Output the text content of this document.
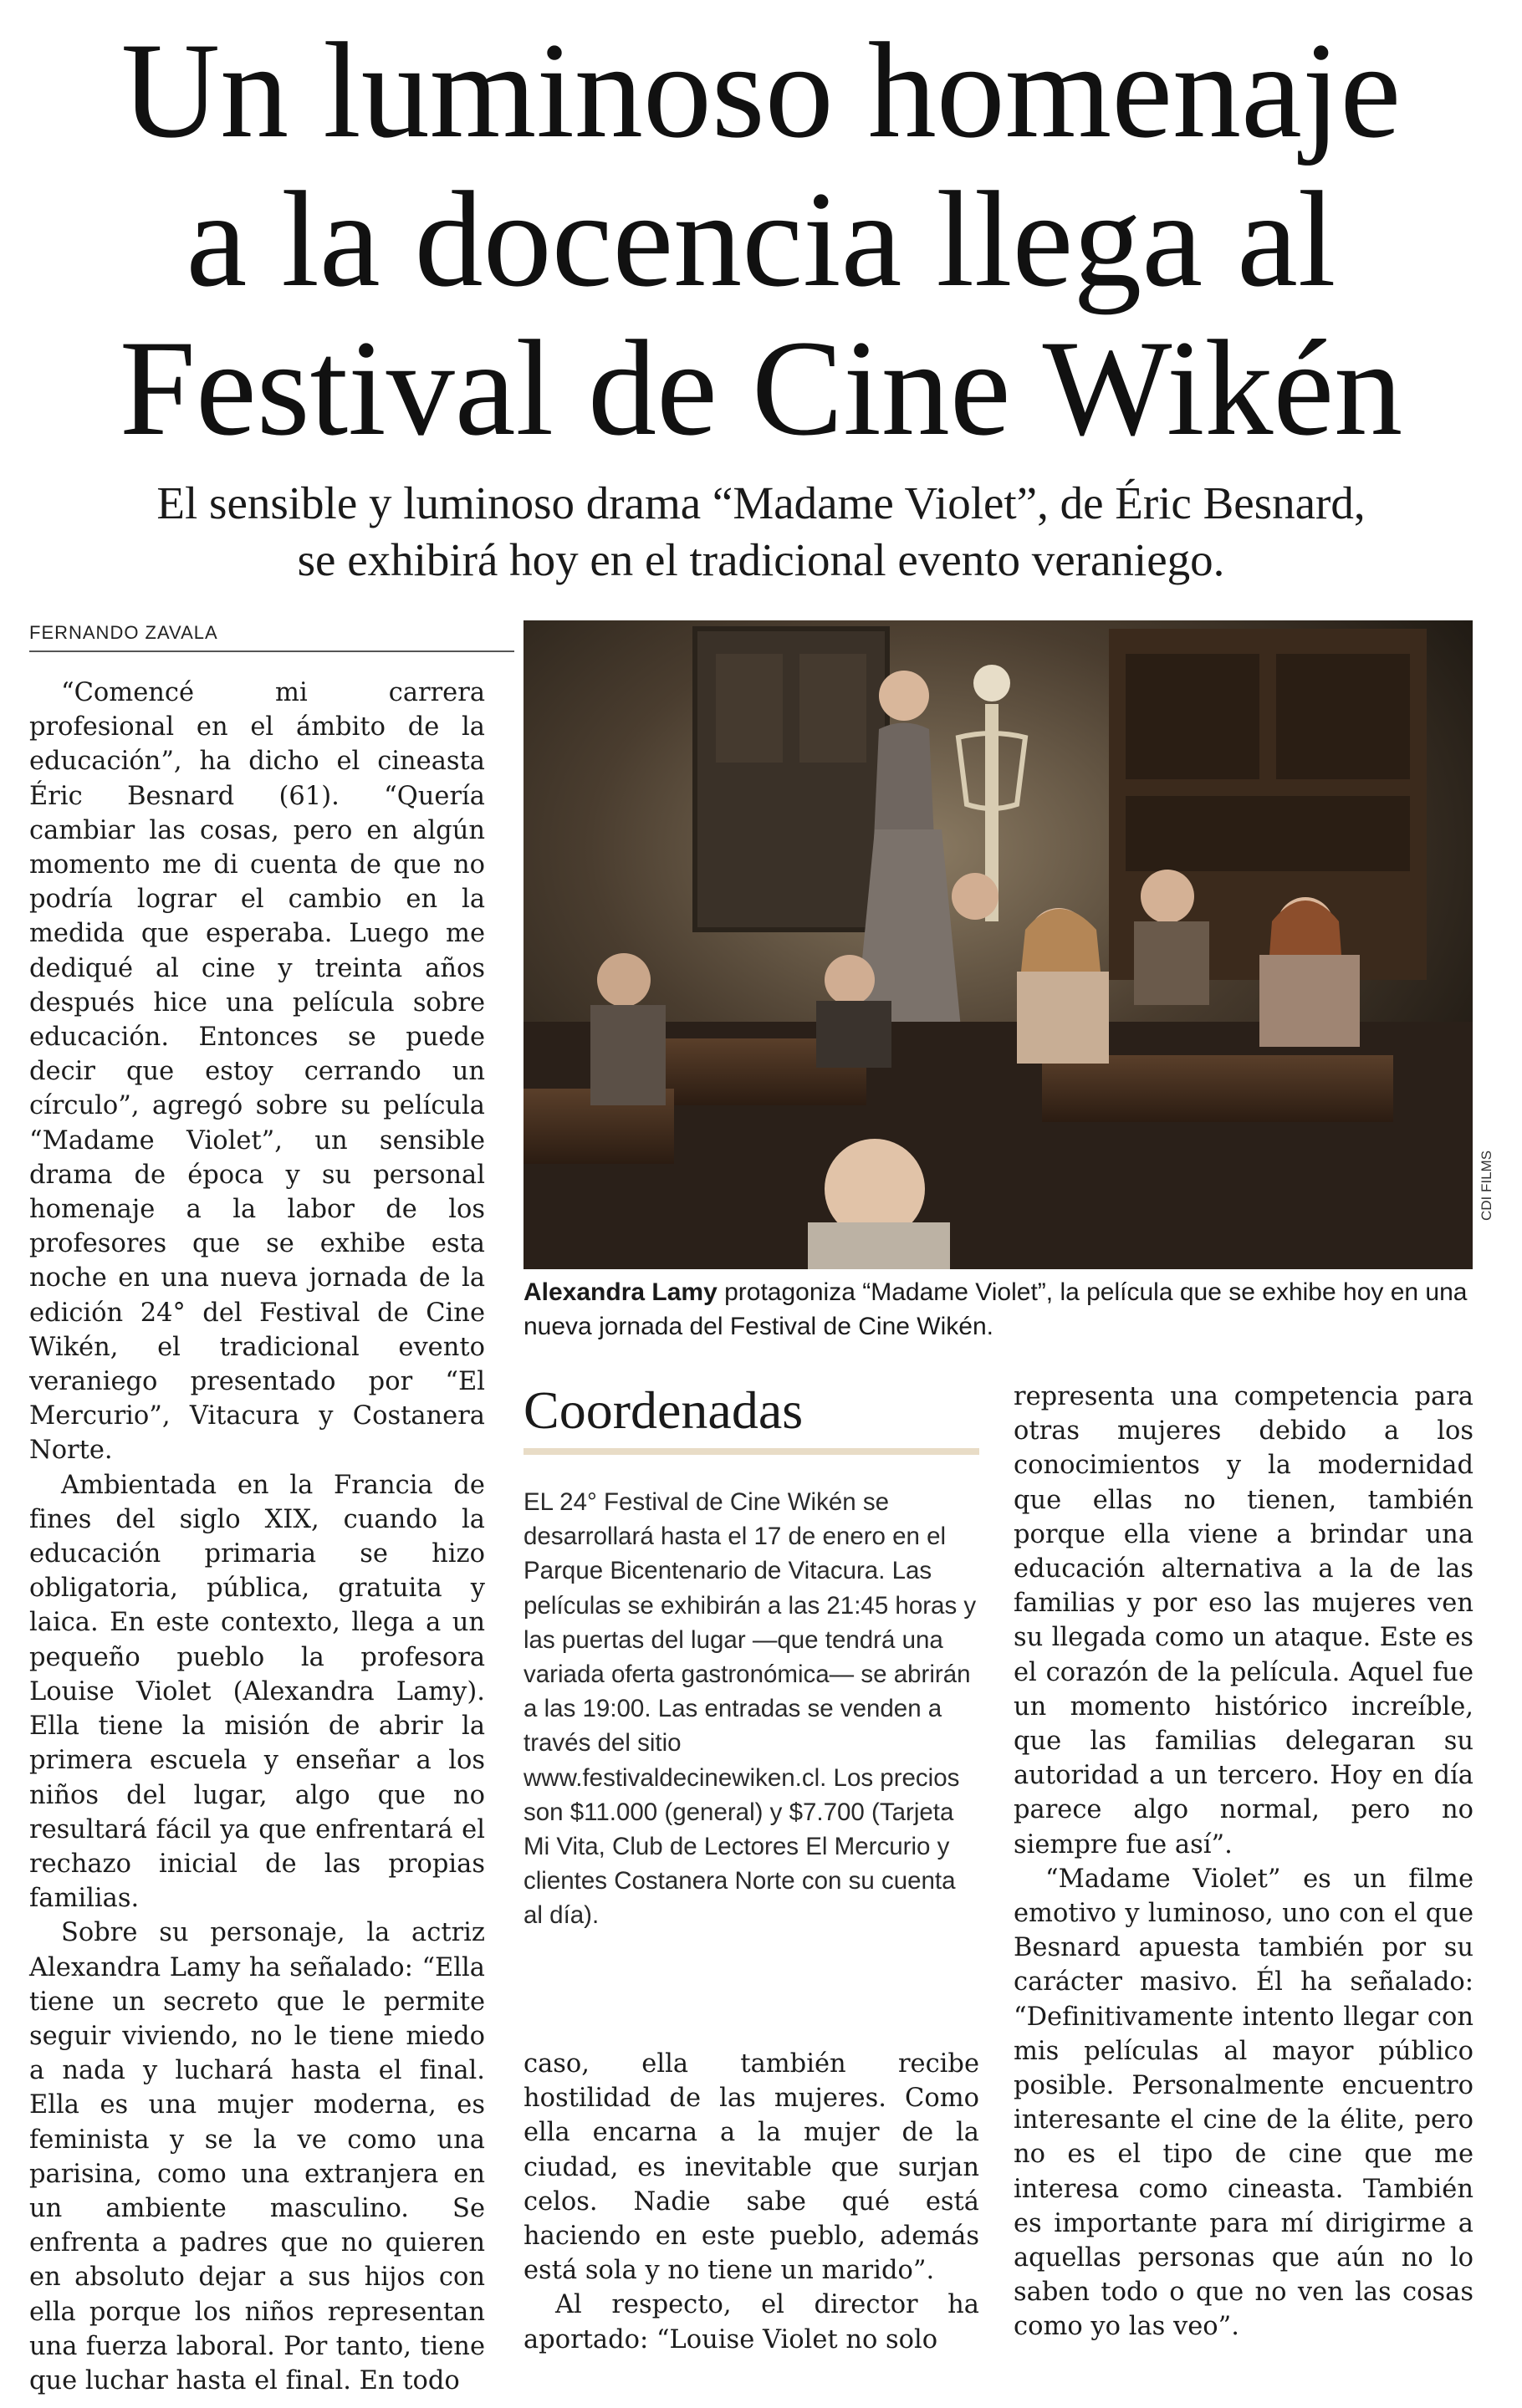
Un luminoso homenaje
a la docencia llega al
Festival de Cine Wikén
El sensible y luminoso drama “Madame Violet”, de Éric Besnard,
se exhibirá hoy en el tradicional evento veraniego.
FERNANDO ZAVALA

“Comencé mi carrera profesional en el ámbito de la educación”, ha dicho el cineasta Éric Besnard (61). “Quería cambiar las cosas, pero en algún momento me di cuenta de que no podría lograr el cambio en la medida que esperaba. Luego me dediqué al cine y treinta años después hice una película sobre educación. Entonces se puede decir que estoy cerrando un círculo”, agregó sobre su película “Madame Violet”, un sensible drama de época y su personal homenaje a la labor de los profesores que se exhibe esta noche en una nueva jornada de la edición 24° del Festival de Cine Wikén, el tradicional evento veraniego presentado por “El Mercurio”, Vitacura y Costanera Norte.

Ambientada en la Francia de fines del siglo XIX, cuando la educación primaria se hizo obligatoria, pública, gratuita y laica. En este contexto, llega a un pequeño pueblo la profesora Louise Violet (Alexandra Lamy). Ella tiene la misión de abrir la primera escuela y enseñar a los niños del lugar, algo que no resultará fácil ya que enfrentará el rechazo inicial de las propias familias.

Sobre su personaje, la actriz Alexandra Lamy ha señalado: “Ella tiene un secreto que le permite seguir viviendo, no le tiene miedo a nada y luchará hasta el final. Ella es una mujer moderna, es feminista y se la ve como una parisina, como una extranjera en un ambiente masculino. Se enfrenta a padres que no quieren en absoluto dejar a sus hijos con ella porque los niños representan una fuerza laboral. Por tanto, tiene que luchar hasta el final. En todo

CDI FILMS
Alexandra Lamy protagoniza “Madame Violet”, la película que se exhibe hoy en una nueva jornada del Festival de Cine Wikén.
Coordenadas

EL 24° Festival de Cine Wikén se desarrollará hasta el 17 de enero en el Parque Bicentenario de Vitacura. Las películas se exhibirán a las 21:45 horas y las puertas del lugar —que tendrá una variada oferta gastronómica— se abrirán a las 19:00. Las entradas se venden a través del sitio www.festivaldecinewiken.cl. Los precios son $11.000 (general) y $7.700 (Tarjeta Mi Vita, Club de Lectores El Mercurio y clientes Costanera Norte con su cuenta al día).

caso, ella también recibe hostilidad de las mujeres. Como ella encarna a la mujer de la ciudad, es inevitable que surjan celos. Nadie sabe qué está haciendo en este pueblo, además está sola y no tiene un marido”.

Al respecto, el director ha aportado: “Louise Violet no solo

representa una competencia para otras mujeres debido a los conocimientos y la modernidad que ellas no tienen, también porque ella viene a brindar una educación alternativa a la de las familias y por eso las mujeres ven su llegada como un ataque. Este es el corazón de la película. Aquel fue un momento histórico increíble, que las familias delegaran su autoridad a un tercero. Hoy en día parece algo normal, pero no siempre fue así”.

“Madame Violet” es un filme emotivo y luminoso, uno con el que Besnard apuesta también por su carácter masivo. Él ha señalado: “Definitivamente intento llegar con mis películas al mayor público posible. Personalmente encuentro interesante el cine de la élite, pero no es el tipo de cine que me interesa como cineasta. También es importante para mí dirigirme a aquellas personas que aún no lo saben todo o que no ven las cosas como yo las veo”.
